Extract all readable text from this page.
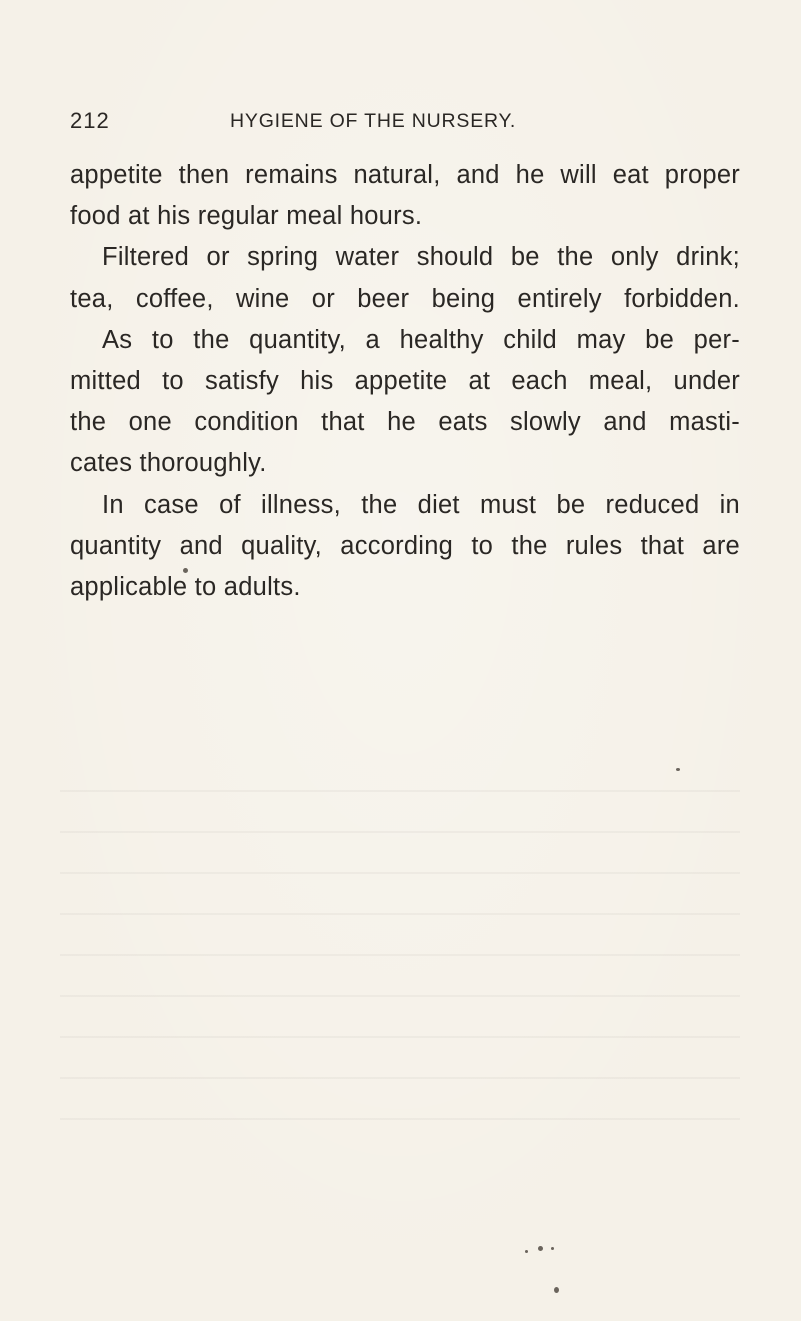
212	HYGIENE OF THE NURSERY.
appetite then remains natural, and he will eat proper
food at his regular meal hours.
Filtered or spring water should be the only drink;
tea, coffee, wine or beer being entirely forbidden.
As to the quantity, a healthy child may be per-
mitted to satisfy his appetite at each meal, under
the one condition that he eats slowly and masti-
cates thoroughly.
In case of illness, the diet must be reduced in
quantity and quality, according to the rules that are
applicable to adults.
